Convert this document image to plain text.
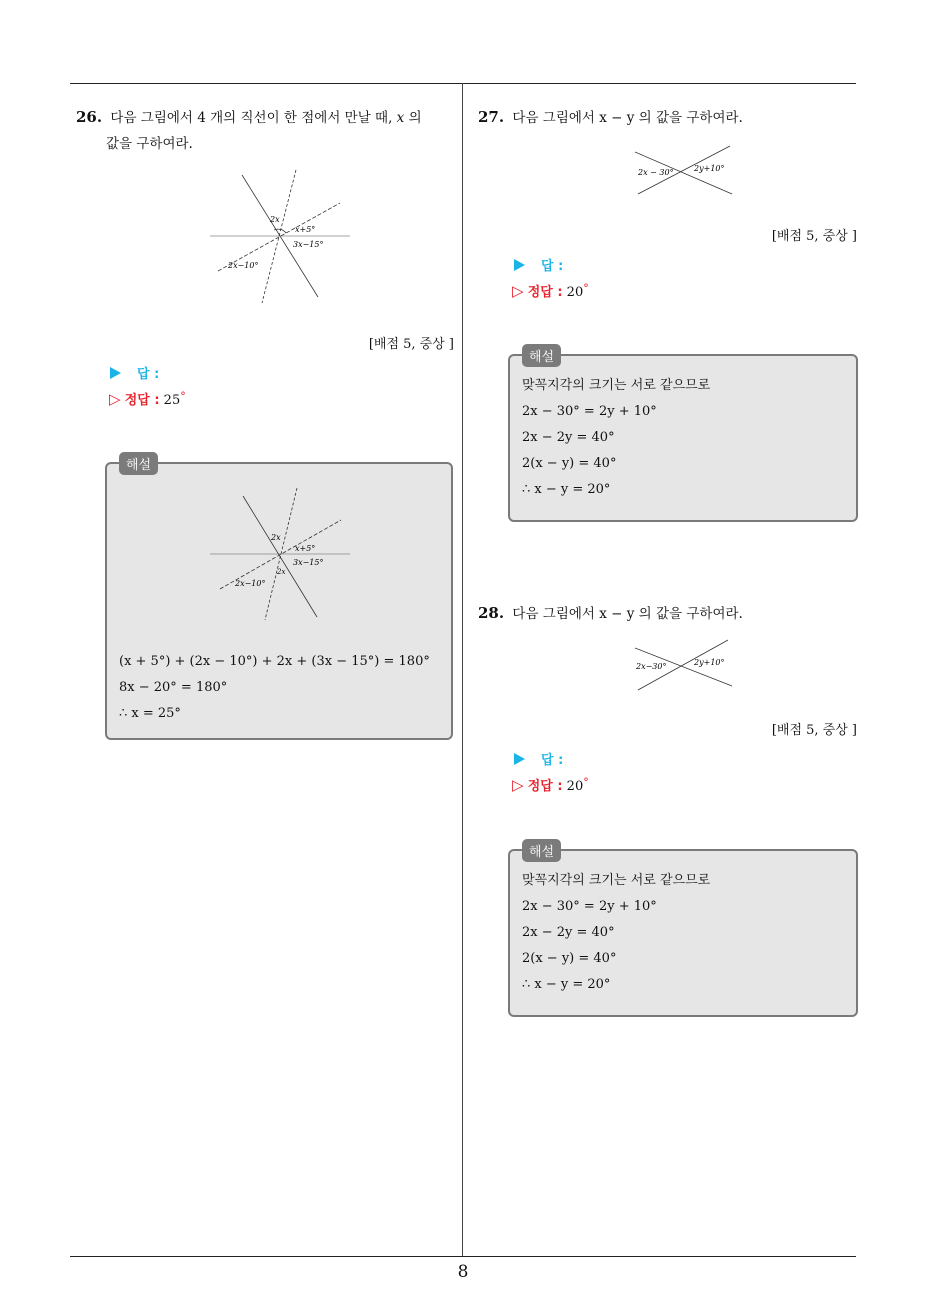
8
26. 다음 그림에서 4 개의 직선이 한 점에서 만날 때, x 의
값을 구하여라.
2x
x+5°
3x−15°
2x−10°
[배점 5, 중상 ]
답 :
▷ 정답 : 25°
해설
2x
x+5°
3x−15°
2x−10°
2x
(x + 5°) + (2x − 10°) + 2x + (3x − 15°) = 180°
8x − 20° = 180°
∴ x = 25°
27. 다음 그림에서 x − y 의 값을 구하여라.
2x − 30°	2y+10°
[배점 5, 중상 ]
답 :
▷ 정답 : 20°
해설
맞꼭지각의 크기는 서로 같으므로
2x − 30° = 2y + 10°
2x − 2y = 40°
2(x − y) = 40°
∴ x − y = 20°
28. 다음 그림에서 x − y 의 값을 구하여라.
2x−30°	2y+10°
[배점 5, 중상 ]
답 :
▷ 정답 : 20°
해설
맞꼭지각의 크기는 서로 같으므로
2x − 30° = 2y + 10°
2x − 2y = 40°
2(x − y) = 40°
∴ x − y = 20°
